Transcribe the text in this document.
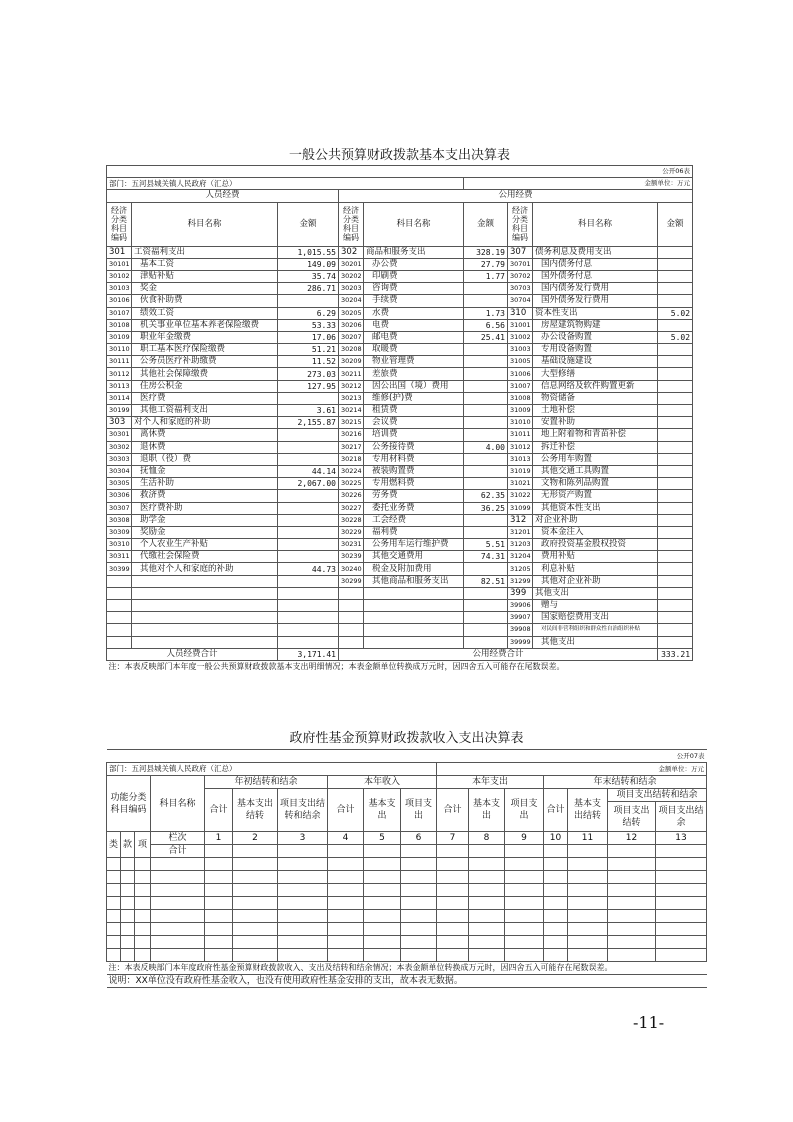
一般公共预算财政拨款基本支出决算表								
公开06表								
部门：五河县城关镇人民政府（汇总）					金额单位：万元			
人员经费			公用经费					
经济分类科目编码	科目名称	金额	经济分类科目编码	科目名称	金额	经济分类科目编码	科目名称	金额
301	工资福利支出	1,015.55	302	商品和服务支出	328.19	307	债务利息及费用支出	
30101	基本工资	149.09	30201	办公费	27.79	30701	国内债务付息	
30102	津贴补贴	35.74	30202	印刷费	1.77	30702	国外债务付息	
30103	奖金	286.71	30203	咨询费		30703	国内债务发行费用	
30106	伙食补助费		30204	手续费		30704	国外债务发行费用	
30107	绩效工资	6.29	30205	水费	1.73	310	资本性支出	5.02
30108	机关事业单位基本养老保险缴费	53.33	30206	电费	6.56	31001	房屋建筑物购建	
30109	职业年金缴费	17.06	30207	邮电费	25.41	31002	办公设备购置	5.02
30110	职工基本医疗保险缴费	51.21	30208	取暖费		31003	专用设备购置	
30111	公务员医疗补助缴费	11.52	30209	物业管理费		31005	基础设施建设	
30112	其他社会保障缴费	273.03	30211	差旅费		31006	大型修缮	
30113	住房公积金	127.95	30212	因公出国（境）费用		31007	信息网络及软件购置更新	
30114	医疗费		30213	维修(护)费		31008	物资储备	
30199	其他工资福利支出	3.61	30214	租赁费		31009	土地补偿	
303	对个人和家庭的补助	2,155.87	30215	会议费		31010	安置补助	
30301	离休费		30216	培训费		31011	地上附着物和青苗补偿	
30302	退休费		30217	公务接待费	4.00	31012	拆迁补偿	
30303	退职（役）费		30218	专用材料费		31013	公务用车购置	
30304	抚恤金	44.14	30224	被装购置费		31019	其他交通工具购置	
30305	生活补助	2,067.00	30225	专用燃料费		31021	文物和陈列品购置	
30306	救济费		30226	劳务费	62.35	31022	无形资产购置	
30307	医疗费补助		30227	委托业务费	36.25	31099	其他资本性支出	
30308	助学金		30228	工会经费		312	对企业补助	
30309	奖励金		30229	福利费		31201	资本金注入	
30310	个人农业生产补贴		30231	公务用车运行维护费	5.51	31203	政府投资基金股权投资	
30311	代缴社会保险费		30239	其他交通费用	74.31	31204	费用补贴	
30399	其他对个人和家庭的补助	44.73	30240	税金及附加费用		31205	利息补贴	
			30299	其他商品和服务支出	82.51	31299	其他对企业补助	
						399	其他支出	
						39906	赠与	
						39907	国家赔偿费用支出	
						39908	对民间非营利组织和群众性自治组织补贴	
						39999	其他支出	
人员经费合计		3,171.41	公用经费合计					333.21
注：本表反映部门本年度一般公共预算财政拨款基本支出明细情况；本表金额单位转换成万元时，因四舍五入可能存在尾数误差。								
政府性基金预算财政拨款收入支出决算表																
公开07表																
部门：五河县城关镇人民政府（汇总）										金额单位：万元						
功能分类科目编码			科目名称	年初结转和结余			本年收入			本年支出			年末结转和结余			
				合计	基本支出结转	项目支出结转和结余	合计	基本支出	项目支出	合计	基本支出	项目支出	合计	基本支出结转	项目支出结转和结余	
															项目支出结转	项目支出结余
类	款	项	栏次	1	2	3	4	5	6	7	8	9	10	11	12	13
			合计													

注：本表反映部门本年度政府性基金预算财政拨款收入、支出及结转和结余情况；本表金额单位转换成万元时，因四舍五入可能存在尾数误差。																
说明：XX单位没有政府性基金收入，也没有使用政府性基金安排的支出，故本表无数据。																
-11-
